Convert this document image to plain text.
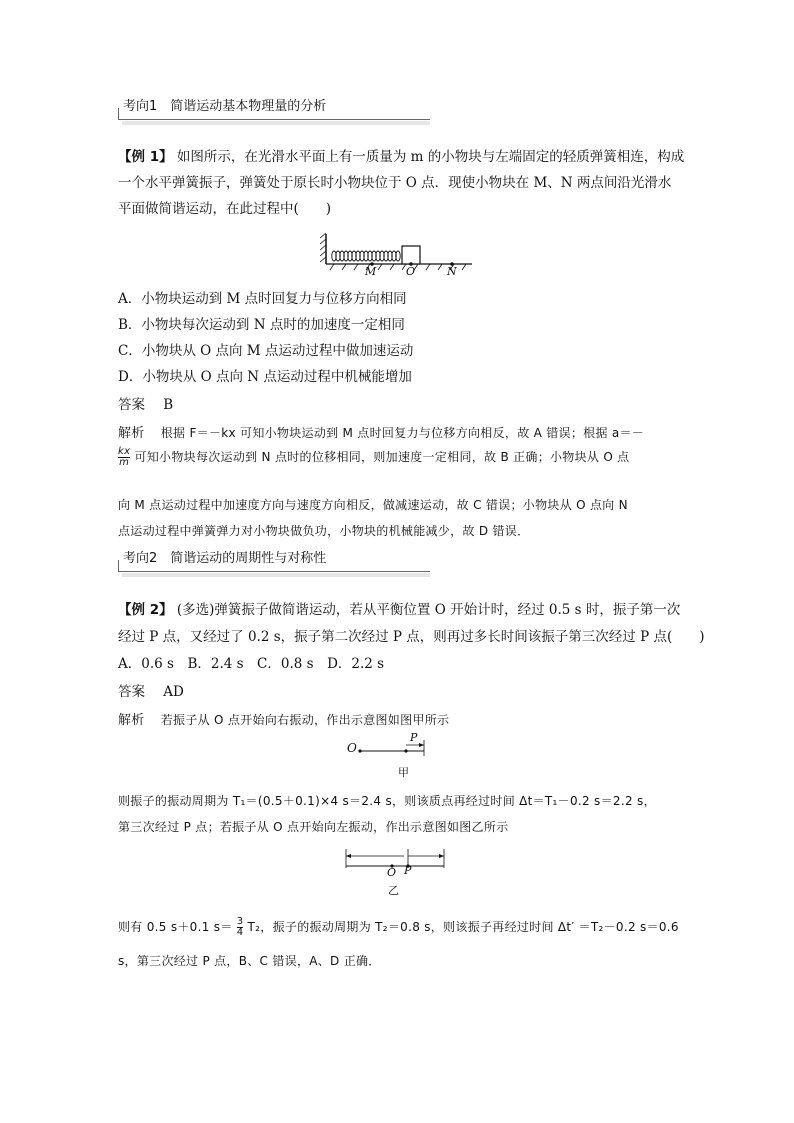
考向1　简谐运动基本物理量的分析
【例 1】 如图所示，在光滑水平面上有一质量为 m 的小物块与左端固定的轻质弹簧相连，构成
一个水平弹簧振子，弹簧处于原长时小物块位于 O 点．现使小物块在 M、N 两点间沿光滑水
平面做简谐运动，在此过程中(　　)
M	O	N
A．小物块运动到 M 点时回复力与位移方向相同
B．小物块每次运动到 N 点时的加速度一定相同
C．小物块从 O 点向 M 点运动过程中做加速运动
D．小物块从 O 点向 N 点运动过程中机械能增加
答案 B
解析 根据 F＝－kx 可知小物块运动到 M 点时回复力与位移方向相反，故 A 错误；根据 a＝－
$\frac{kx}{m}$ 可知小物块每次运动到 N 点时的位移相同，则加速度一定相同，故 B 正确；小物块从 O 点
向 M 点运动过程中加速度方向与速度方向相反，做减速运动，故 C 错误；小物块从 O 点向 N
点运动过程中弹簧弹力对小物块做负功，小物块的机械能减少，故 D 错误．
考向2　简谐运动的周期性与对称性
【例 2】 (多选)弹簧振子做简谐运动，若从平衡位置 O 开始计时，经过 0.5 s 时，振子第一次
经过 P 点，又经过了 0.2 s，振子第二次经过 P 点，则再过多长时间该振子第三次经过 P 点(　　)
A．0.6 s　B．2.4 s　C．0.8 s　D．2.2 s
答案 AD
解析 若振子从 O 点开始向右振动，作出示意图如图甲所示
O
P
甲
则振子的振动周期为 T₁＝(0.5＋0.1)×4 s＝2.4 s，则该质点再经过时间 Δt＝T₁－0.2 s＝2.2 s，
第三次经过 P 点；若振子从 O 点开始向左振动，作出示意图如图乙所示
O P
乙
则有 0.5 s＋0.1 $s= \frac{3}{4} T_2$，振子的振动周期为 T₂＝0.8 s，则该振子再经过时间 Δt′ ＝T₂－0.2 s＝0.6
s，第三次经过 P 点，B、C 错误，A、D 正确．
